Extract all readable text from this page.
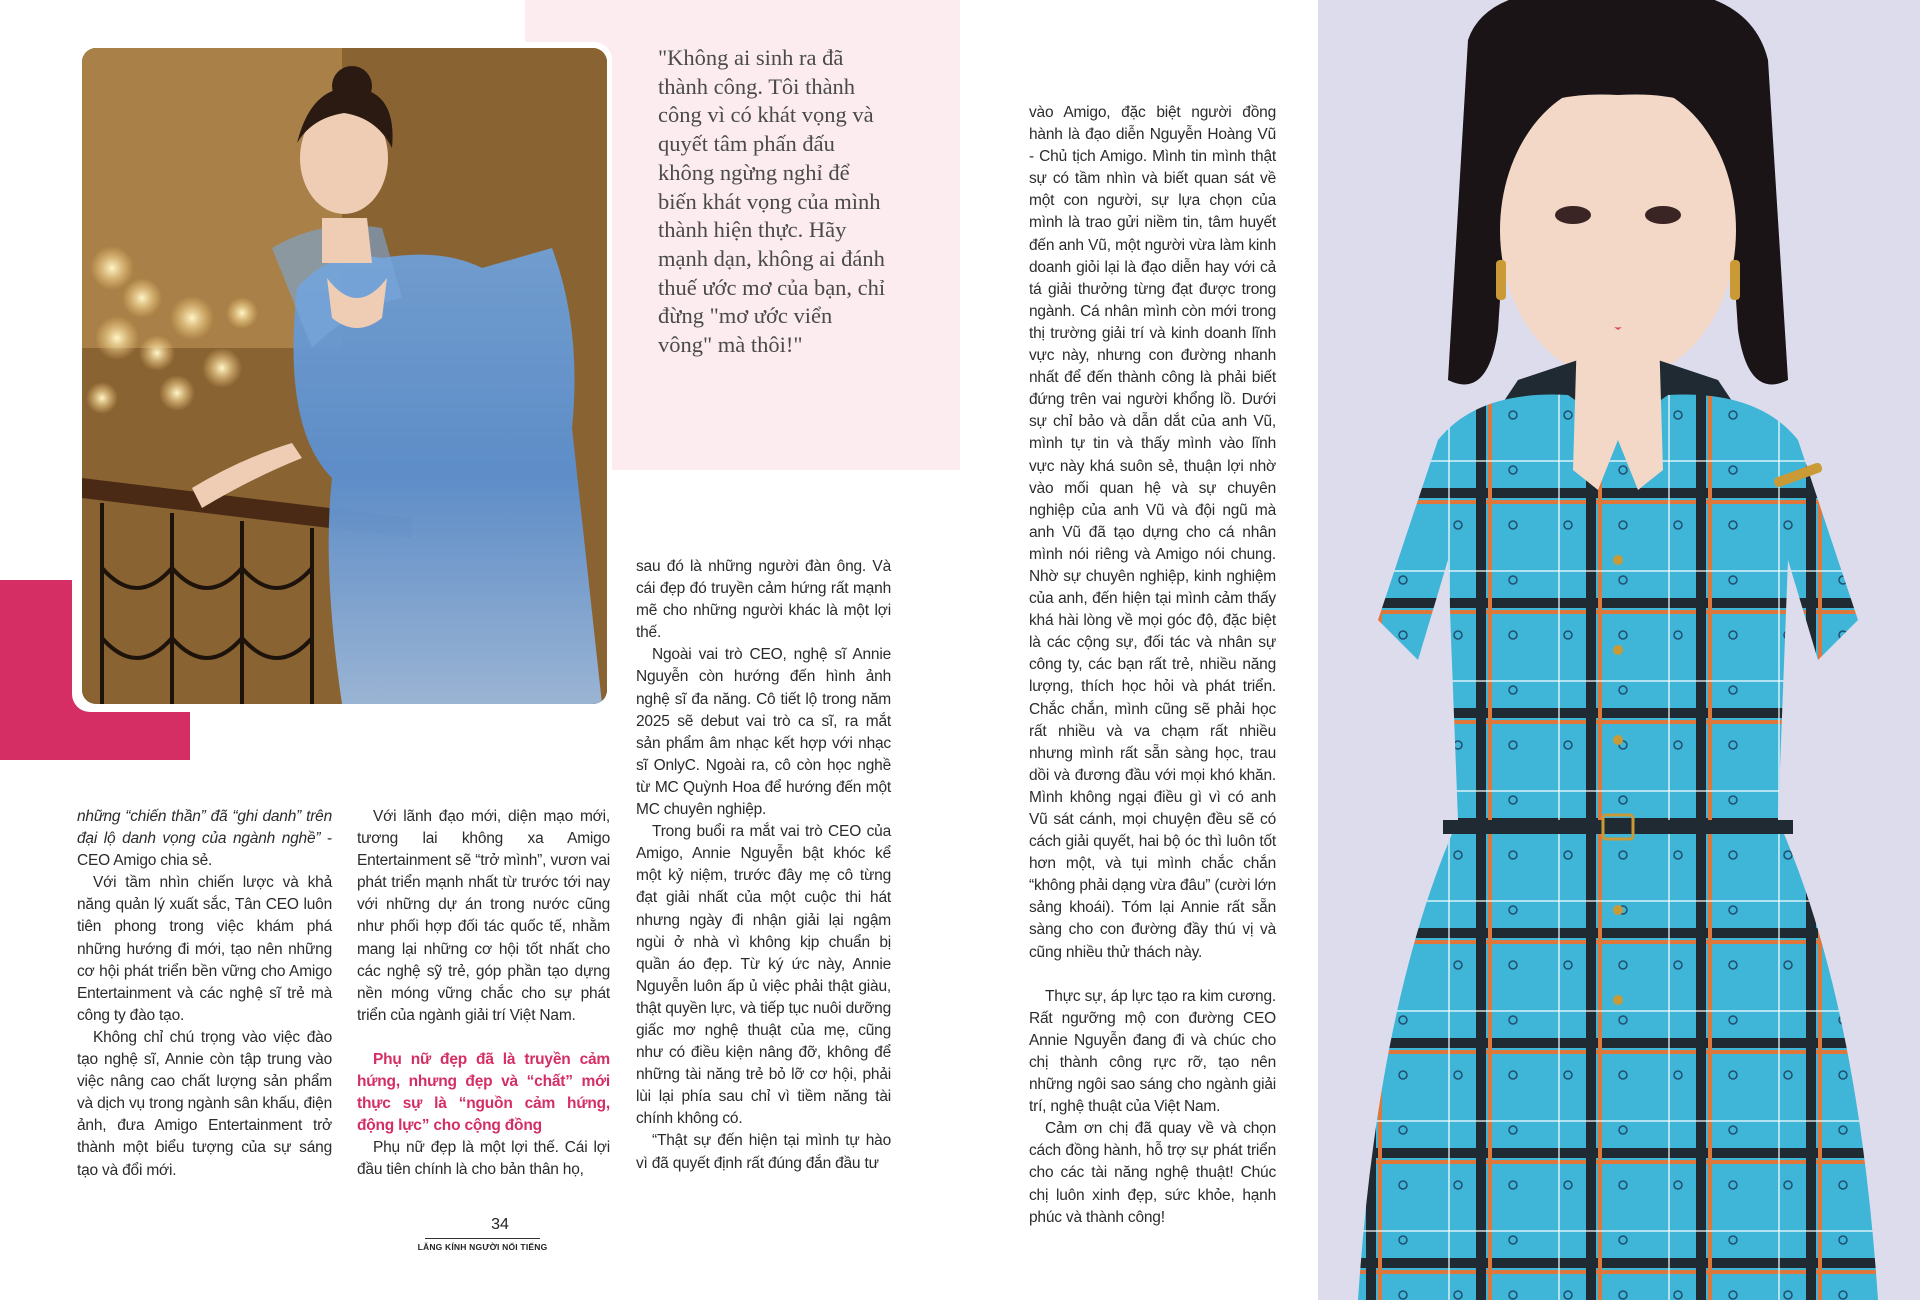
"Không ai sinh ra đã thành công. Tôi thành công vì có khát vọng và quyết tâm phấn đấu không ngừng nghỉ để biến khát vọng của mình thành hiện thực. Hãy mạnh dạn, không ai đánh thuế ước mơ của bạn, chỉ đừng "mơ ước viển vông" mà thôi!"

những “chiến thần” đã “ghi danh” trên đại lộ danh vọng của ngành nghề” - CEO Amigo chia sẻ.

Với tầm nhìn chiến lược và khả năng quản lý xuất sắc, Tân CEO luôn tiên phong trong việc khám phá những hướng đi mới, tạo nên những cơ hội phát triển bền vững cho Amigo Entertainment và các nghệ sĩ trẻ mà công ty đào tạo.

Không chỉ chú trọng vào việc đào tạo nghệ sĩ, Annie còn tập trung vào việc nâng cao chất lượng sản phẩm và dịch vụ trong ngành sân khấu, điện ảnh, đưa Amigo Entertainment trở thành một biểu tượng của sự sáng tạo và đổi mới.

Với lãnh đạo mới, diện mạo mới, tương lai không xa Amigo Entertainment sẽ “trở mình”, vươn vai phát triển mạnh nhất từ trước tới nay với những dự án trong nước cũng như phối hợp đối tác quốc tế, nhằm mang lại những cơ hội tốt nhất cho các nghệ sỹ trẻ, góp phần tạo dựng nền móng vững chắc cho sự phát triển của ngành giải trí Việt Nam.

Phụ nữ đẹp đã là truyền cảm hứng, nhưng đẹp và “chất” mới thực sự là “nguồn cảm hứng, động lực” cho cộng đồng

Phụ nữ đẹp là một lợi thế. Cái lợi đầu tiên chính là cho bản thân họ,

sau đó là những người đàn ông. Và cái đẹp đó truyền cảm hứng rất mạnh mẽ cho những người khác là một lợi thế.

Ngoài vai trò CEO, nghệ sĩ Annie Nguyễn còn hướng đến hình ảnh nghệ sĩ đa năng. Cô tiết lộ trong năm 2025 sẽ debut vai trò ca sĩ, ra mắt sản phẩm âm nhạc kết hợp với nhạc sĩ OnlyC. Ngoài ra, cô còn học nghề từ MC Quỳnh Hoa để hướng đến một MC chuyên nghiệp.

Trong buổi ra mắt vai trò CEO của Amigo, Annie Nguyễn bật khóc kể một kỷ niệm, trước đây mẹ cô từng đạt giải nhất của một cuộc thi hát nhưng ngày đi nhận giải lại ngậm ngùi ở nhà vì không kịp chuẩn bị quần áo đẹp. Từ ký ức này, Annie Nguyễn luôn ấp ủ việc phải thật giàu, thật quyền lực, và tiếp tục nuôi dưỡng giấc mơ nghệ thuật của mẹ, cũng như có điều kiện nâng đỡ, không để những tài năng trẻ bỏ lỡ cơ hội, phải lùi lại phía sau chỉ vì tiềm năng tài chính không có.

“Thật sự đến hiện tại mình tự hào vì đã quyết định rất đúng đắn đầu tư

vào Amigo, đặc biệt người đồng hành là đạo diễn Nguyễn Hoàng Vũ - Chủ tịch Amigo. Mình tin mình thật sự có tầm nhìn và biết quan sát về một con người, sự lựa chọn của mình là trao gửi niềm tin, tâm huyết đến anh Vũ, một người vừa làm kinh doanh giỏi lại là đạo diễn hay với cả tá giải thưởng từng đạt được trong ngành. Cá nhân mình còn mới trong thị trường giải trí và kinh doanh lĩnh vực này, nhưng con đường nhanh nhất để đến thành công là phải biết đứng trên vai người khổng lồ. Dưới sự chỉ bảo và dẫn dắt của anh Vũ, mình tự tin và thấy mình vào lĩnh vực này khá suôn sẻ, thuận lợi nhờ vào mối quan hệ và sự chuyên nghiệp của anh Vũ và đội ngũ mà anh Vũ đã tạo dựng cho cá nhân mình nói riêng và Amigo nói chung. Nhờ sự chuyên nghiệp, kinh nghiệm của anh, đến hiện tại mình cảm thấy khá hài lòng về mọi góc độ, đặc biệt là các cộng sự, đối tác và nhân sự công ty, các bạn rất trẻ, nhiều năng lượng, thích học hỏi và phát triển. Chắc chắn, mình cũng sẽ phải học rất nhiều và va chạm rất nhiều nhưng mình rất sẵn sàng học, trau dồi và đương đầu với mọi khó khăn. Mình không ngại điều gì vì có anh Vũ sát cánh, mọi chuyện đều sẽ có cách giải quyết, hai bộ óc thì luôn tốt hơn một, và tụi mình chắc chắn “không phải dạng vừa đâu” (cười lớn sảng khoái). Tóm lại Annie rất sẵn sàng cho con đường đầy thú vị và cũng nhiều thử thách này.

Thực sự, áp lực tạo ra kim cương. Rất ngưỡng mộ con đường CEO Annie Nguyễn đang đi và chúc cho chị thành công rực rỡ, tạo nên những ngôi sao sáng cho ngành giải trí, nghệ thuật của Việt Nam.

Cảm ơn chị đã quay về và chọn cách đồng hành, hỗ trợ sự phát triển cho các tài năng nghệ thuật! Chúc chị luôn xinh đẹp, sức khỏe, hạnh phúc và thành công!

34
LĂNG KÍNH NGƯỜI NỔI TIẾNG
